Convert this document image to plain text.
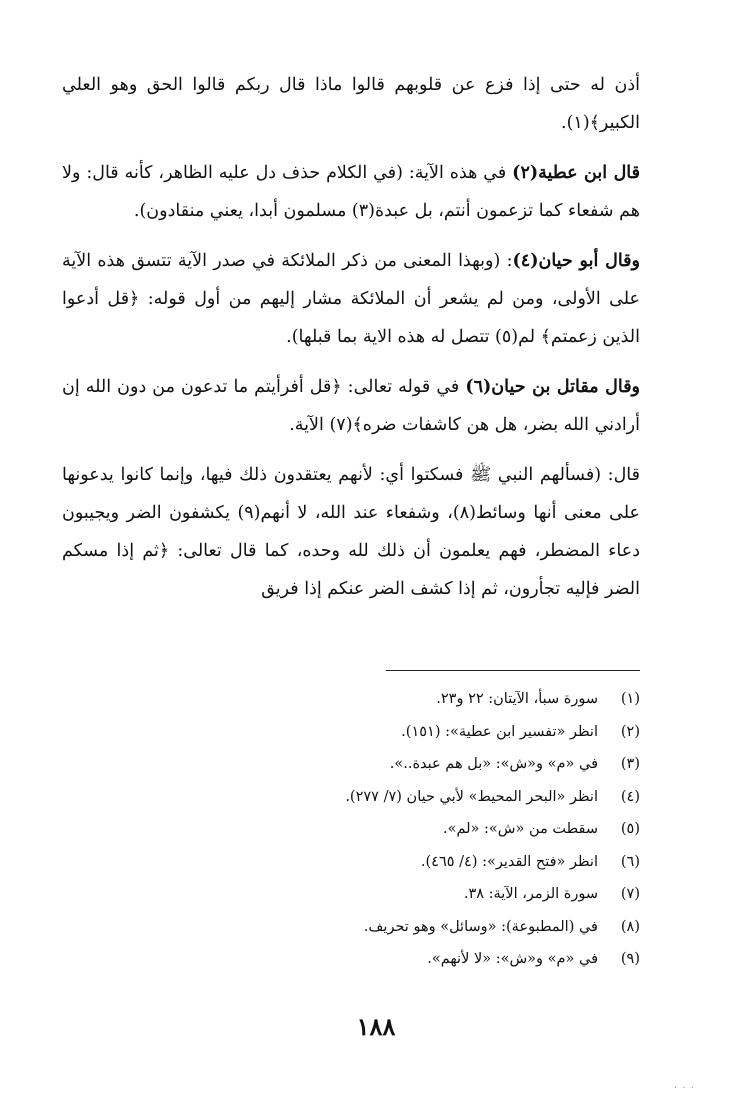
أذن له حتى إذا فزع عن قلوبهم قالوا ماذا قال ربكم قالوا الحق وهو العلي الكبير﴾(١).

قال ابن عطية(٢) في هذه الآية: (في الكلام حذف دل عليه الظاهر، كأنه قال: ولا هم شفعاء كما تزعمون أنتم، بل عبدة(٣) مسلمون أبدا، يعني منقادون).

وقال أبو حيان(٤): (وبهذا المعنى من ذكر الملائكة في صدر الآية تتسق هذه الآية على الأولى، ومن لم يشعر أن الملائكة مشار إليهم من أول قوله: ﴿قل أدعوا الذين زعمتم﴾ لم(٥) تتصل له هذه الاية بما قبلها).

وقال مقاتل بن حيان(٦) في قوله تعالى: ﴿قل أفرأيتم ما تدعون من دون الله إن أرادني الله بضر، هل هن كاشفات ضره﴾(٧) الآية.

قال: (فسألهم النبي ﷺ فسكتوا أي: لأنهم يعتقدون ذلك فيها، وإنما كانوا يدعونها على معنى أنها وسائط(٨)، وشفعاء عند الله، لا أنهم(٩) يكشفون الضر ويجيبون دعاء المضطر، فهم يعلمون أن ذلك لله وحده، كما قال تعالى: ﴿ثم إذا مسكم الضر فإليه تجأرون، ثم إذا كشف الضر عنكم إذا فريق

(١)
سورة سبأ، الآيتان: ٢٢ و٢٣.
(٢)
انظر «تفسير ابن عطية»: (١٥١).
(٣)
في «م» و«ش»: «بل هم عبدة..».
(٤)
انظر «البحر المحيط» لأبي حيان (٧/ ٢٧٧).
(٥)
سقطت من «ش»: «لم».
(٦)
انظر «فتح القدير»: (٤/ ٤٦٥).
(٧)
سورة الزمر، الآية: ٣٨.
(٨)
في (المطبوعة): «وسائل» وهو تحريف.
(٩)
في «م» و«ش»: «لا لأنهم».
١٨٨
· · ·
